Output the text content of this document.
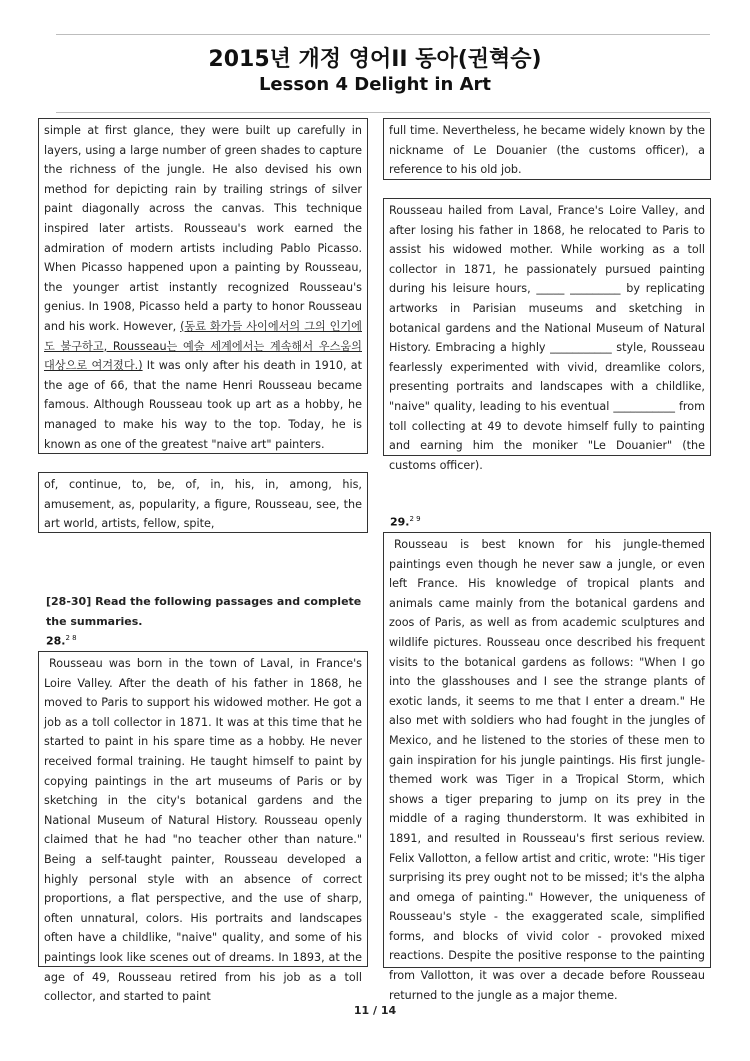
2015년 개정 영어II 동아(권혁승)
Lesson 4 Delight in Art

simple at first glance, they were built up carefully in layers, using a large number of green shades to capture the richness of the jungle. He also devised his own method for depicting rain by trailing strings of silver paint diagonally across the canvas. This technique inspired later artists. Rousseau's work earned the admiration of modern artists including Pablo Picasso. When Picasso happened upon a painting by Rousseau, the younger artist instantly recognized Rousseau's genius. In 1908, Picasso held a party to honor Rousseau and his work. However, (동료 화가들 사이에서의 그의 인기에도 불구하고, Rousseau는 예술 세계에서는 계속해서 우스움의 대상으로 여겨졌다.) It was only after his death in 1910, at the age of 66, that the name Henri Rousseau became famous. Although Rousseau took up art as a hobby, he managed to make his way to the top. Today, he is known as one of the greatest "naive art" painters.

of, continue, to, be, of, in, his, in, among, his, amusement, as, popularity, a figure, Rousseau, see, the art world, artists, fellow, spite,

[28-30] Read the following passages and complete the summaries.
28.$^{2 8}$

Rousseau was born in the town of Laval, in France's Loire Valley. After the death of his father in 1868, he moved to Paris to support his widowed mother. He got a job as a toll collector in 1871. It was at this time that he started to paint in his spare time as a hobby. He never received formal training. He taught himself to paint by copying paintings in the art museums of Paris or by sketching in the city's botanical gardens and the National Museum of Natural History. Rousseau openly claimed that he had "no teacher other than nature." Being a self-taught painter, Rousseau developed a highly personal style with an absence of correct proportions, a flat perspective, and the use of sharp, often unnatural, colors. His portraits and landscapes often have a childlike, "naive" quality, and some of his paintings look like scenes out of dreams. In 1893, at the age of 49, Rousseau retired from his job as a toll collector, and started to paint

full time. Nevertheless, he became widely known by the nickname of Le Douanier (the customs officer), a reference to his old job.

Rousseau hailed from Laval, France's Loire Valley, and after losing his father in 1868, he relocated to Paris to assist his widowed mother. While working as a toll collector in 1871, he passionately pursued painting during his leisure hours, _____ _________ by replicating artworks in Parisian museums and sketching in botanical gardens and the National Museum of Natural History. Embracing a highly ___________ style, Rousseau fearlessly experimented with vivid, dreamlike colors, presenting portraits and landscapes with a childlike, "naive" quality, leading to his eventual ___________ from toll collecting at 49 to devote himself fully to painting and earning him the moniker "Le Douanier" (the customs officer).

29.$^{2 9}$

Rousseau is best known for his jungle-themed paintings even though he never saw a jungle, or even left France. His knowledge of tropical plants and animals came mainly from the botanical gardens and zoos of Paris, as well as from academic sculptures and wildlife pictures. Rousseau once described his frequent visits to the botanical gardens as follows: "When I go into the glasshouses and I see the strange plants of exotic lands, it seems to me that I enter a dream." He also met with soldiers who had fought in the jungles of Mexico, and he listened to the stories of these men to gain inspiration for his jungle paintings. His first jungle-themed work was Tiger in a Tropical Storm, which shows a tiger preparing to jump on its prey in the middle of a raging thunderstorm. It was exhibited in 1891, and resulted in Rousseau's first serious review. Felix Vallotton, a fellow artist and critic, wrote: "His tiger surprising its prey ought not to be missed; it's the alpha and omega of painting." However, the uniqueness of Rousseau's style - the exaggerated scale, simplified forms, and blocks of vivid color - provoked mixed reactions. Despite the positive response to the painting from Vallotton, it was over a decade before Rousseau returned to the jungle as a major theme.

11 / 14
